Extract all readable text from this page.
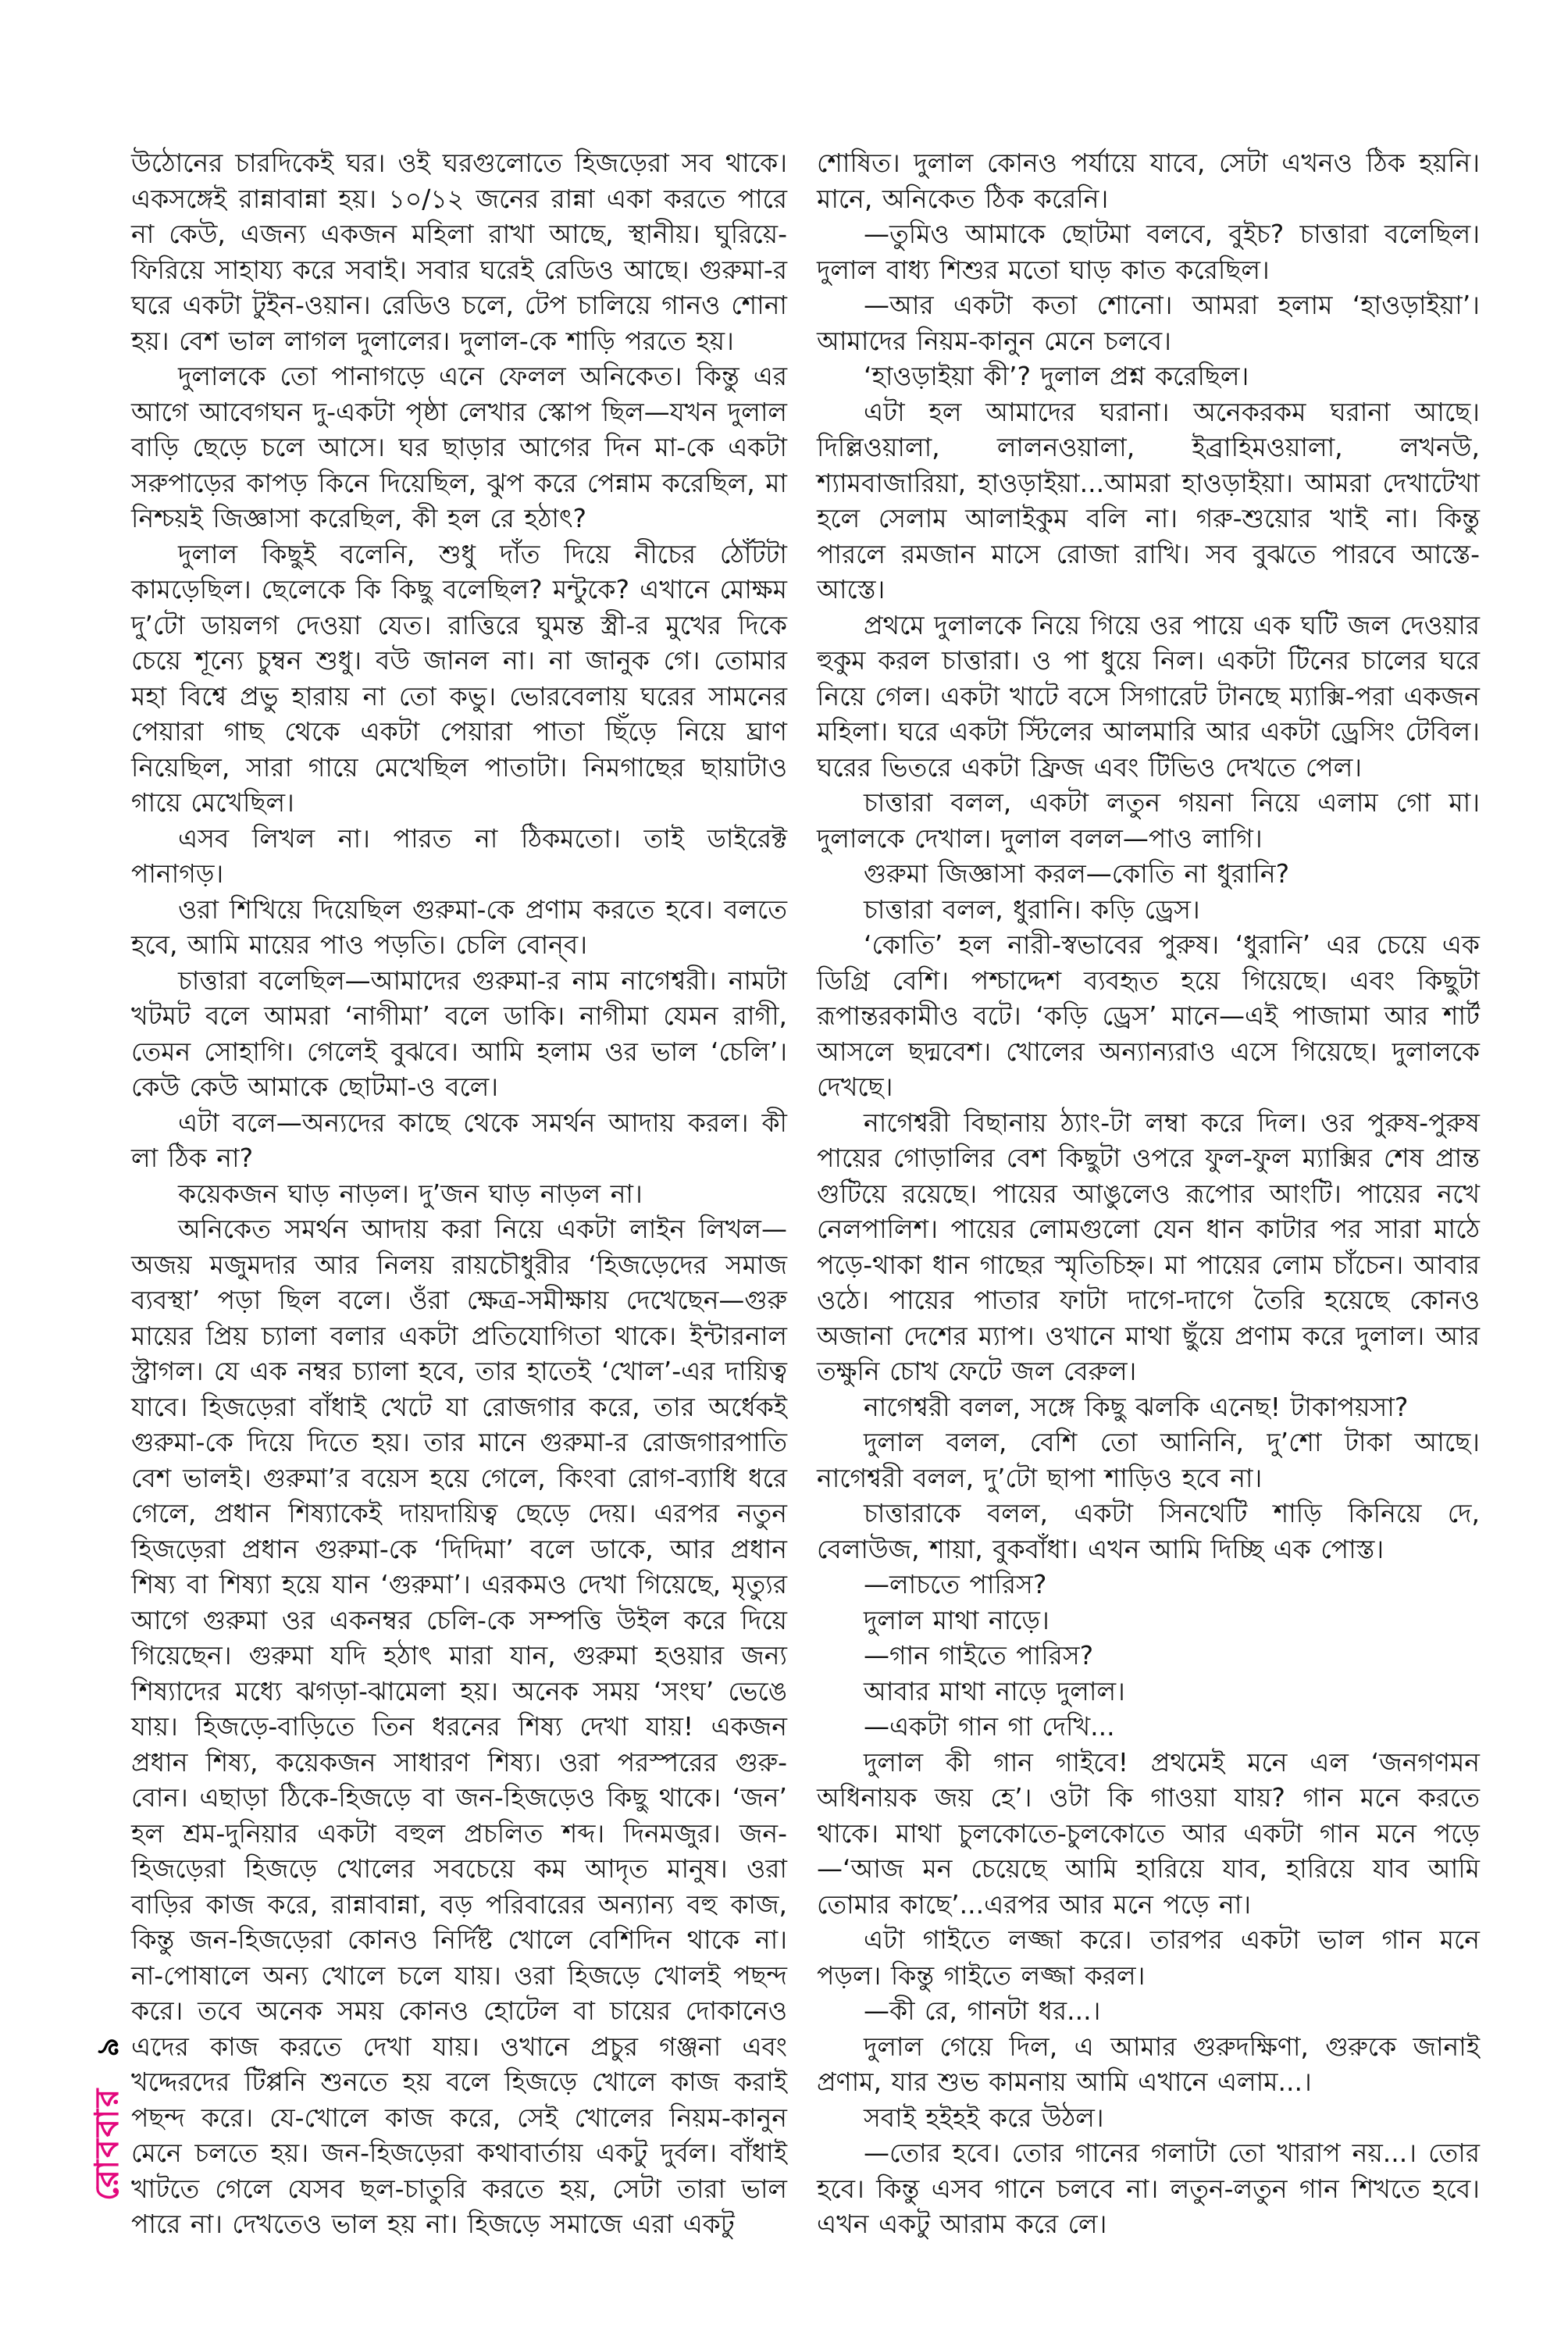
উঠোনের চারদিকেই ঘর। ওই ঘরগুলোতে হিজড়েরা সব থাকে। একসঙ্গেই রান্নাবান্না হয়। ১০/১২ জনের রান্না একা করতে পারে না কেউ, এজন্য একজন মহিলা রাখা আছে, স্থানীয়। ঘুরিয়ে-ফিরিয়ে সাহায্য করে সবাই। সবার ঘরেই রেডিও আছে। গুরুমা-র ঘরে একটা টুইন-ওয়ান। রেডিও চলে, টেপ চালিয়ে গানও শোনা হয়। বেশ ভাল লাগল দুলালের। দুলাল-কে শাড়ি পরতে হয়।

দুলালকে তো পানাগড়ে এনে ফেলল অনিকেত। কিন্তু এর আগে আবেগঘন দু-একটা পৃষ্ঠা লেখার স্কোপ ছিল—যখন দুলাল বাড়ি ছেড়ে চলে আসে। ঘর ছাড়ার আগের দিন মা-কে একটা সরুপাড়ের কাপড় কিনে দিয়েছিল, ঝুপ করে পেন্নাম করেছিল, মা নিশ্চয়ই জিজ্ঞাসা করেছিল, কী হল রে হঠাৎ?

দুলাল কিছুই বলেনি, শুধু দাঁত দিয়ে নীচের ঠোঁটটা কামড়েছিল। ছেলেকে কি কিছু বলেছিল? মন্টুকে? এখানে মোক্ষম দু’টো ডায়লগ দেওয়া যেত। রাত্তিরে ঘুমন্ত স্ত্রী-র মুখের দিকে চেয়ে শূন্যে চুম্বন শুধু। বউ জানল না। না জানুক গে। তোমার মহা বিশ্বে প্রভু হারায় না তো কভু। ভোরবেলায় ঘরের সামনের পেয়ারা গাছ থেকে একটা পেয়ারা পাতা ছিঁড়ে নিয়ে ঘ্রাণ নিয়েছিল, সারা গায়ে মেখেছিল পাতাটা। নিমগাছের ছায়াটাও গায়ে মেখেছিল।

এসব লিখল না। পারত না ঠিকমতো। তাই ডাইরেক্ট পানাগড়।

ওরা শিখিয়ে দিয়েছিল গুরুমা-কে প্রণাম করতে হবে। বলতে হবে, আমি মায়ের পাও পড়তি। চেলি বোন্‌ব।

চাত্তারা বলেছিল—আমাদের গুরুমা-র নাম নাগেশ্বরী। নামটা খটমট বলে আমরা ‘নাগীমা’ বলে ডাকি। নাগীমা যেমন রাগী, তেমন সোহাগি। গেলেই বুঝবে। আমি হলাম ওর ভাল ‘চেলি’। কেউ কেউ আমাকে ছোটমা-ও বলে।

এটা বলে—অন্যদের কাছে থেকে সমর্থন আদায় করল। কী লা ঠিক না?

কয়েকজন ঘাড় নাড়ল। দু’জন ঘাড় নাড়ল না।

অনিকেত সমর্থন আদায় করা নিয়ে একটা লাইন লিখল—অজয় মজুমদার আর নিলয় রায়চৌধুরীর ‘হিজড়েদের সমাজ ব্যবস্থা’ পড়া ছিল বলে। ওঁরা ক্ষেত্র-সমীক্ষায় দেখেছেন—গুরু মায়ের প্রিয় চ্যালা বলার একটা প্রতিযোগিতা থাকে। ইন্টারনাল স্ট্রাগল। যে এক নম্বর চ্যালা হবে, তার হাতেই ‘খোল’-এর দায়িত্ব যাবে। হিজড়েরা বাঁধাই খেটে যা রোজগার করে, তার অর্ধেকই গুরুমা-কে দিয়ে দিতে হয়। তার মানে গুরুমা-র রোজগারপাতি বেশ ভালই। গুরুমা’র বয়েস হয়ে গেলে, কিংবা রোগ-ব্যাধি ধরে গেলে, প্রধান শিষ্যাকেই দায়দায়িত্ব ছেড়ে দেয়। এরপর নতুন হিজড়েরা প্রধান গুরুমা-কে ‘দিদিমা’ বলে ডাকে, আর প্রধান শিষ্য বা শিষ্যা হয়ে যান ‘গুরুমা’। এরকমও দেখা গিয়েছে, মৃত্যুর আগে গুরুমা ওর একনম্বর চেলি-কে সম্পত্তি উইল করে দিয়ে গিয়েছেন। গুরুমা যদি হঠাৎ মারা যান, গুরুমা হওয়ার জন্য শিষ্যাদের মধ্যে ঝগড়া-ঝামেলা হয়। অনেক সময় ‘সংঘ’ ভেঙে যায়। হিজড়ে-বাড়িতে তিন ধরনের শিষ্য দেখা যায়! একজন প্রধান শিষ্য, কয়েকজন সাধারণ শিষ্য। ওরা পরস্পরের গুরু-বোন। এছাড়া ঠিকে-হিজড়ে বা জন-হিজড়েও কিছু থাকে। ‘জন’ হল শ্রম-দুনিয়ার একটা বহুল প্রচলিত শব্দ। দিনমজুর। জন-হিজড়েরা হিজড়ে খোলের সবচেয়ে কম আদৃত মানুষ। ওরা বাড়ির কাজ করে, রান্নাবান্না, বড় পরিবারের অন্যান্য বহু কাজ, কিন্তু জন-হিজড়েরা কোনও নির্দিষ্ট খোলে বেশিদিন থাকে না। না-পোষালে অন্য খোলে চলে যায়। ওরা হিজড়ে খোলই পছন্দ করে। তবে অনেক সময় কোনও হোটেল বা চায়ের দোকানেও এদের কাজ করতে দেখা যায়। ওখানে প্রচুর গঞ্জনা এবং খদ্দেরদের টিপ্পনি শুনতে হয় বলে হিজড়ে খোলে কাজ করাই পছন্দ করে। যে-খোলে কাজ করে, সেই খোলের নিয়ম-কানুন মেনে চলতে হয়। জন-হিজড়েরা কথাবার্তায় একটু দুর্বল। বাঁধাই খাটতে গেলে যেসব ছল-চাতুরি করতে হয়, সেটা তারা ভাল পারে না। দেখতেও ভাল হয় না। হিজড়ে সমাজে এরা একটু

শোষিত। দুলাল কোনও পর্যায়ে যাবে, সেটা এখনও ঠিক হয়নি। মানে, অনিকেত ঠিক করেনি।

—তুমিও আমাকে ছোটমা বলবে, বুইচ? চাত্তারা বলেছিল। দুলাল বাধ্য শিশুর মতো ঘাড় কাত করেছিল।

—আর একটা কতা শোনো। আমরা হলাম ‘হাওড়াইয়া’। আমাদের নিয়ম-কানুন মেনে চলবে।

‘হাওড়াইয়া কী’? দুলাল প্রশ্ন করেছিল।

এটা হল আমাদের ঘরানা। অনেকরকম ঘরানা আছে। দিল্লিওয়ালা, লালনওয়ালা, ইব্রাহিমওয়ালা, লখনউ, শ্যামবাজারিয়া, হাওড়াইয়া...আমরা হাওড়াইয়া। আমরা দেখাটেখা হলে সেলাম আলাইকুম বলি না। গরু-শুয়োর খাই না। কিন্তু পারলে রমজান মাসে রোজা রাখি। সব বুঝতে পারবে আস্তে-আস্তে।

প্রথমে দুলালকে নিয়ে গিয়ে ওর পায়ে এক ঘটি জল দেওয়ার হুকুম করল চাত্তারা। ও পা ধুয়ে নিল। একটা টিনের চালের ঘরে নিয়ে গেল। একটা খাটে বসে সিগারেট টানছে ম্যাক্সি-পরা একজন মহিলা। ঘরে একটা স্টিলের আলমারি আর একটা ড্রেসিং টেবিল। ঘরের ভিতরে একটা ফ্রিজ এবং টিভিও দেখতে পেল।

চাত্তারা বলল, একটা লতুন গয়না নিয়ে এলাম গো মা। দুলালকে দেখাল। দুলাল বলল—পাও লাগি।

গুরুমা জিজ্ঞাসা করল—কোতি না ধুরানি?

চাত্তারা বলল, ধুরানি। কড়ি ড্রেস।

‘কোতি’ হল নারী-স্বভাবের পুরুষ। ‘ধুরানি’ এর চেয়ে এক ডিগ্রি বেশি। পশ্চাদ্দেশ ব্যবহৃত হয়ে গিয়েছে। এবং কিছুটা রূপান্তরকামীও বটে। ‘কড়ি ড্রেস’ মানে—এই পাজামা আর শার্ট আসলে ছদ্মবেশ। খোলের অন্যান্যরাও এসে গিয়েছে। দুলালকে দেখছে।

নাগেশ্বরী বিছানায় ঠ্যাং-টা লম্বা করে দিল। ওর পুরুষ-পুরুষ পায়ের গোড়ালির বেশ কিছুটা ওপরে ফুল-ফুল ম্যাক্সির শেষ প্রান্ত গুটিয়ে রয়েছে। পায়ের আঙুলেও রূপোর আংটি। পায়ের নখে নেলপালিশ। পায়ের লোমগুলো যেন ধান কাটার পর সারা মাঠে পড়ে-থাকা ধান গাছের স্মৃতিচিহ্ন। মা পায়ের লোম চাঁচেন। আবার ওঠে। পায়ের পাতার ফাটা দাগে-দাগে তৈরি হয়েছে কোনও অজানা দেশের ম্যাপ। ওখানে মাথা ছুঁয়ে প্রণাম করে দুলাল। আর তক্ষুনি চোখ ফেটে জল বেরুল।

নাগেশ্বরী বলল, সঙ্গে কিছু ঝলকি এনেছ! টাকাপয়সা?

দুলাল বলল, বেশি তো আনিনি, দু’শো টাকা আছে। নাগেশ্বরী বলল, দু’টো ছাপা শাড়িও হবে না।

চাত্তারাকে বলল, একটা সিনথেটি শাড়ি কিনিয়ে দে, বেলাউজ, শায়া, বুকবাঁধা। এখন আমি দিচ্ছি এক পোস্ত।

—লাচতে পারিস?

দুলাল মাথা নাড়ে।

—গান গাইতে পারিস?

আবার মাথা নাড়ে দুলাল।

—একটা গান গা দেখি...

দুলাল কী গান গাইবে! প্রথমেই মনে এল ‘জনগণমন অধিনায়ক জয় হে’। ওটা কি গাওয়া যায়? গান মনে করতে থাকে। মাথা চুলকোতে-চুলকোতে আর একটা গান মনে পড়ে—‘আজ মন চেয়েছে আমি হারিয়ে যাব, হারিয়ে যাব আমি তোমার কাছে’...এরপর আর মনে পড়ে না।

এটা গাইতে লজ্জা করে। তারপর একটা ভাল গান মনে পড়ল। কিন্তু গাইতে লজ্জা করল।

—কী রে, গানটা ধর...।

দুলাল গেয়ে দিল, এ আমার গুরুদক্ষিণা, গুরুকে জানাই প্রণাম, যার শুভ কামনায় আমি এখানে এলাম...।

সবাই হইহই করে উঠল।

—তোর হবে। তোর গানের গলাটা তো খারাপ নয়...। তোর হবে। কিন্তু এসব গানে চলবে না। লতুন-লতুন গান শিখতে হবে। এখন একটু আরাম করে লে।

রোববার
৯
